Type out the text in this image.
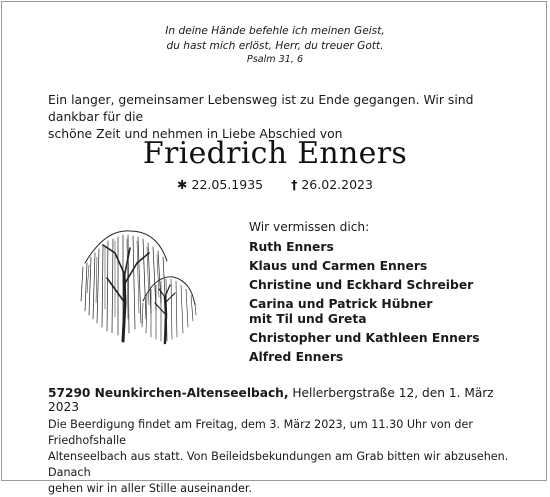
In deine Hände befehle ich meinen Geist,
du hast mich erlöst, Herr, du treuer Gott.
Psalm 31, 6
Ein langer, gemeinsamer Lebensweg ist zu Ende gegangen. Wir sind dankbar für die
schöne Zeit und nehmen in Liebe Abschied von
Friedrich Enners
✱ 22.05.1935 † 26.02.2023
Wir vermissen dich:
Ruth Enners
Klaus und Carmen Enners
Christine und Eckhard Schreiber
Carina und Patrick Hübner
mit Til und Greta
Christopher und Kathleen Enners
Alfred Enners
57290 Neunkirchen-Altenseelbach, Hellerbergstraße 12, den 1. März 2023
Die Beerdigung findet am Freitag, dem 3. März 2023, um 11.30 Uhr von der Friedhofshalle
Altenseelbach aus statt. Von Beileidsbekundungen am Grab bitten wir abzusehen. Danach
gehen wir in aller Stille auseinander.
